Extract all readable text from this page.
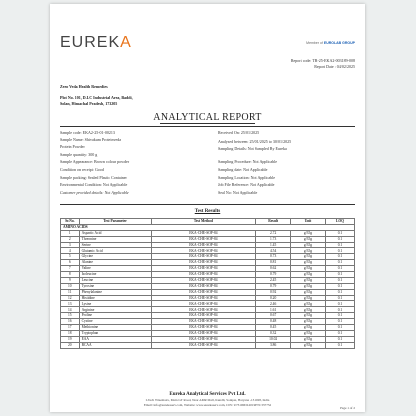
EUREKA	Member of EUROLAB GROUP
Report code: TR-25-EKA2-003189-008
Report Date : 04/02/2025
Zeeo Veda Health Remedies
Plot No. 101, D.I.C Industrial Area, Baddi,
Solan, Himachal Pradesh, 173205
ANALYTICAL REPORT
Sample code: EKA2-25-01-00213
Sample Name: Shivakum Proteinveda
Protein Powder
Sample quantity: 300 g
Sample Appearance: Brown colour powder
Condition on receipt: Good
Sample packing: Sealed Plastic Container
Environmental Condition: Not Applicable
Customer provided details: Not Applicable
Received On: 25/01/2025
Analysed between: 25/01/2025 to 30/01/2025
Sampling Details: Not Sampled By Eureka
Sampling Procedure: Not Applicable
Sampling date: Not Applicable
Sampling Location: Not Applicable
Job File Reference: Not Applicable
Seal No: Not Applicable
Test Results
Sr.No.	Test Parameter	Test Method	Result	Unit	LOQ
AMINO ACIDS					
1	Aspartic Acid	EKA-CHE-SOP-84	2.72	g/35g	0.1
2	Threonine	EKA-CHE-SOP-84	1.73	g/35g	0.1
3	Serine	EKA-CHE-SOP-84	1.45	g/35g	0.1
4	Glutamic Acid	EKA-CHE-SOP-84	4.54	g/35g	0.1
5	Glycine	EKA-CHE-SOP-84	0.73	g/35g	0.1
6	Alanine	EKA-CHE-SOP-84	0.81	g/35g	0.1
7	Valine	EKA-CHE-SOP-84	0.62	g/35g	0.1
8	Isoleucine	EKA-CHE-SOP-84	0.79	g/35g	0.1
9	Leucine	EKA-CHE-SOP-84	2.45	g/35g	0.1
10	Tyrosine	EKA-CHE-SOP-84	0.79	g/35g	0.1
11	Phenylalanine	EKA-CHE-SOP-84	0.92	g/35g	0.1
12	Histidine	EKA-CHE-SOP-84	0.20	g/35g	0.1
13	Lysine	EKA-CHE-SOP-84	2.46	g/35g	0.1
14	Arginine	EKA-CHE-SOP-84	1.61	g/35g	0.1
15	Proline	EKA-CHE-SOP-84	0.67	g/35g	0.1
16	Cystine	EKA-CHE-SOP-84	0.48	g/35g	0.1
17	Methionine	EKA-CHE-SOP-84	0.45	g/35g	0.1
18	Tryptophan	EKA-CHE-SOP-84	0.32	g/35g	0.1
19	EAA	EKA-CHE-SOP-84	10.02	g/35g	0.1
20	BCAA	EKA-CHE-SOP-84	3.86	g/35g	0.1
Eureka Analytical Services Pvt Ltd.
I-Tech Wisemaxx, Main GT Road, Near AMR Mall, Kundli, Sonipat, Haryana -131028, India
Email: info@eurekaserv.com, Website: www.eurekaserv.com, CIN: U73100DL2019PTC337752
Page 1 of 2
